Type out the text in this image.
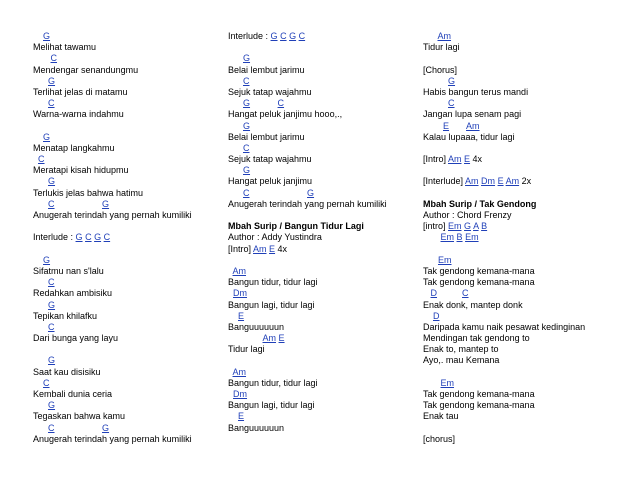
G
Melihat tawamu
C
Mendengar senandungmu
G
Terlihat jelas di matamu
C
Warna-warna indahmu
G
Menatap langkahmu
C
Meratapi kisah hidupmu
G
Terlukis jelas bahwa hatimu
C	G
Anugerah terindah yang pernah kumiliki
Interlude : G C G C
G
Sifatmu nan s'lalu
C
Redahkan ambisiku
G
Tepikan khilafku
C
Dari bunga yang layu
G
Saat kau disisiku
C
Kembali dunia ceria
G
Tegaskan bahwa kamu
C	G
Anugerah terindah yang pernah kumiliki
Interlude : G C G C
G
Belai lembut jarimu
C
Sejuk tatap wajahmu
G	C
Hangat peluk janjimu hooo,.,
G
Belai lembut jarimu
C
Sejuk tatap wajahmu
G
Hangat peluk janjimu
C	G
Anugerah terindah yang pernah kumiliki
Mbah Surip / Bangun Tidur Lagi
Author : Addy Yustindra
[Intro] Am E 4x
Am
Bangun tidur, tidur lagi
Dm
Bangun lagi, tidur lagi
E
Banguuuuuun
Am E
Tidur lagi
Am
Bangun tidur, tidur lagi
Dm
Bangun lagi, tidur lagi
E
Banguuuuuun
Am
Tidur lagi
[Chorus]
G
Habis bangun terus mandi
C
Jangan lupa senam pagi
E Am
Kalau lupaaa, tidur lagi
[Intro] Am E 4x
[Interlude] Am Dm E Am 2x
Mbah Surip / Tak Gendong
Author : Chord Frenzy
[intro] Em G A B
Em B Em
Em
Tak gendong kemana-mana
Tak gendong kemana-mana
D	C
Enak donk, mantep donk
D
Daripada kamu naik pesawat kedinginan
Mendingan tak gendong to
Enak to, mantep to
Ayo,. mau Kemana
Em
Tak gendong kemana-mana
Tak gendong kemana-mana
Enak tau
[chorus]
